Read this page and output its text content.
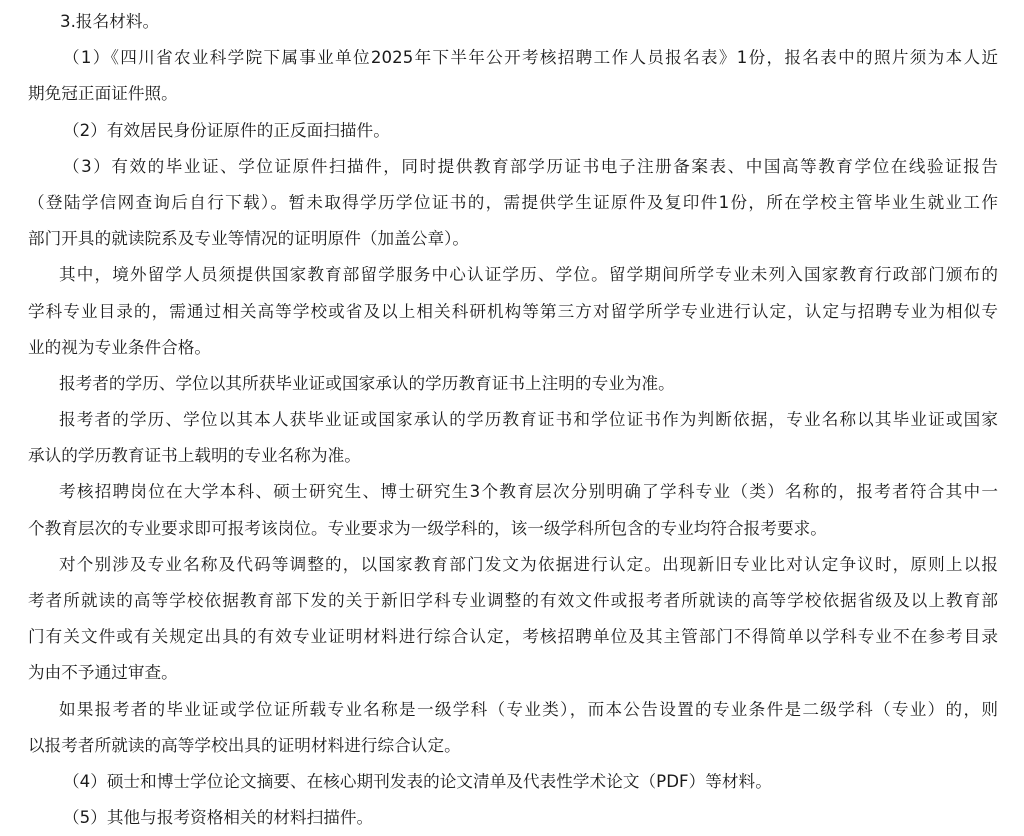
3.报名材料。
（1）《四川省农业科学院下属事业单位2025年下半年公开考核招聘工作人员报名表》1份，报名表中的照片须为本人近
期免冠正面证件照。
（2）有效居民身份证原件的正反面扫描件。
（3）有效的毕业证、学位证原件扫描件，同时提供教育部学历证书电子注册备案表、中国高等教育学位在线验证报告
（登陆学信网查询后自行下载）。暂未取得学历学位证书的，需提供学生证原件及复印件1份，所在学校主管毕业生就业工作
部门开具的就读院系及专业等情况的证明原件（加盖公章）。
其中，境外留学人员须提供国家教育部留学服务中心认证学历、学位。留学期间所学专业未列入国家教育行政部门颁布的
学科专业目录的，需通过相关高等学校或省及以上相关科研机构等第三方对留学所学专业进行认定，认定与招聘专业为相似专
业的视为专业条件合格。
报考者的学历、学位以其所获毕业证或国家承认的学历教育证书上注明的专业为准。
报考者的学历、学位以其本人获毕业证或国家承认的学历教育证书和学位证书作为判断依据，专业名称以其毕业证或国家
承认的学历教育证书上载明的专业名称为准。
考核招聘岗位在大学本科、硕士研究生、博士研究生3个教育层次分别明确了学科专业（类）名称的，报考者符合其中一
个教育层次的专业要求即可报考该岗位。专业要求为一级学科的，该一级学科所包含的专业均符合报考要求。
对个别涉及专业名称及代码等调整的，以国家教育部门发文为依据进行认定。出现新旧专业比对认定争议时，原则上以报
考者所就读的高等学校依据教育部下发的关于新旧学科专业调整的有效文件或报考者所就读的高等学校依据省级及以上教育部
门有关文件或有关规定出具的有效专业证明材料进行综合认定，考核招聘单位及其主管部门不得简单以学科专业不在参考目录
为由不予通过审查。
如果报考者的毕业证或学位证所载专业名称是一级学科（专业类），而本公告设置的专业条件是二级学科（专业）的，则
以报考者所就读的高等学校出具的证明材料进行综合认定。
（4）硕士和博士学位论文摘要、在核心期刊发表的论文清单及代表性学术论文（PDF）等材料。
（5）其他与报考资格相关的材料扫描件。
